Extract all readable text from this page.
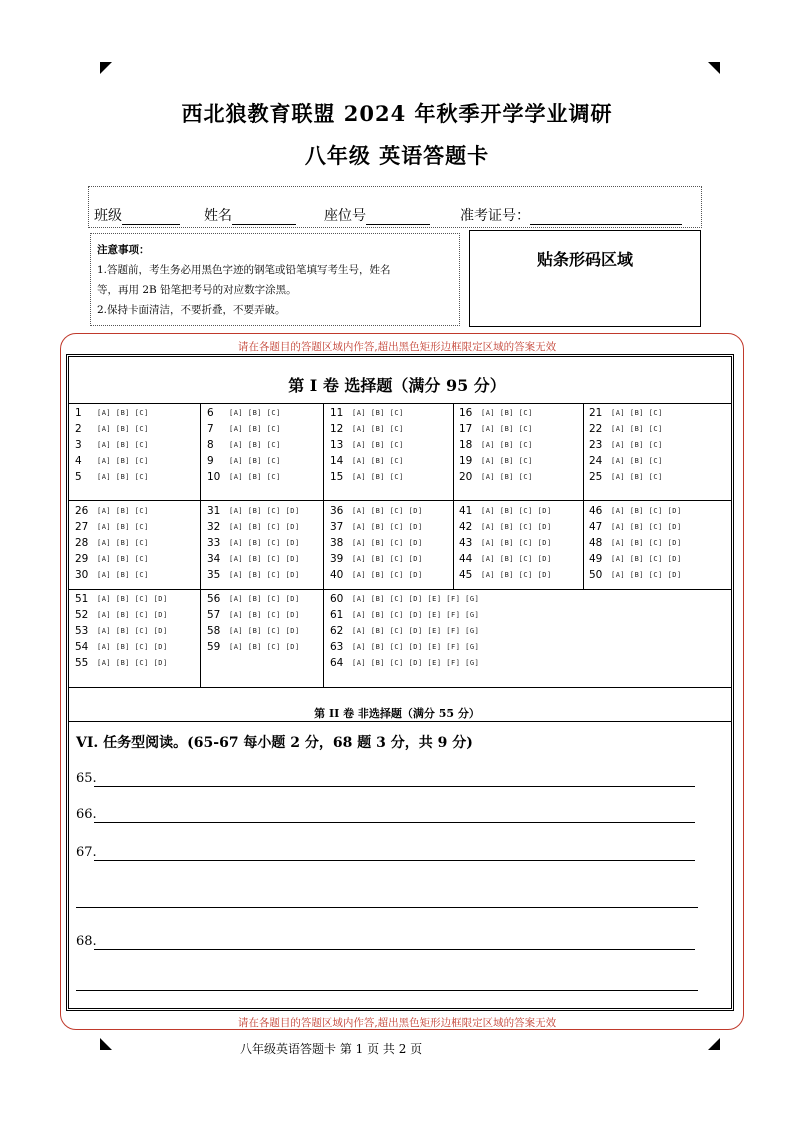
西北狼教育联盟 2024 年秋季开学学业调研
八年级 英语答题卡
班级	姓名	座位号	准考证号：
注意事项：
1.答题前，考生务必用黑色字迹的钢笔或铅笔填写考生号，姓名
等，再用 2B 铅笔把考号的对应数字涂黑。
2.保持卡面清洁，不要折叠，不要弄破。
贴条形码区域
请在各题目的答题区域内作答,超出黑色矩形边框限定区域的答案无效
请在各题目的答题区域内作答,超出黑色矩形边框限定区域的答案无效
第 I 卷 选择题（满分 95 分）
1 [A] [B] [C]
2 [A] [B] [C]
3 [A] [B] [C]
4 [A] [B] [C]
5 [A] [B] [C]
6 [A] [B] [C]
7 [A] [B] [C]
8 [A] [B] [C]
9 [A] [B] [C]
10 [A] [B] [C]
11 [A] [B] [C]
12 [A] [B] [C]
13 [A] [B] [C]
14 [A] [B] [C]
15 [A] [B] [C]
16 [A] [B] [C]
17 [A] [B] [C]
18 [A] [B] [C]
19 [A] [B] [C]
20 [A] [B] [C]
21 [A] [B] [C]
22 [A] [B] [C]
23 [A] [B] [C]
24 [A] [B] [C]
25 [A] [B] [C]
26 [A] [B] [C]
27 [A] [B] [C]
28 [A] [B] [C]
29 [A] [B] [C]
30 [A] [B] [C]
31 [A] [B] [C] [D]
32 [A] [B] [C] [D]
33 [A] [B] [C] [D]
34 [A] [B] [C] [D]
35 [A] [B] [C] [D]
36 [A] [B] [C] [D]
37 [A] [B] [C] [D]
38 [A] [B] [C] [D]
39 [A] [B] [C] [D]
40 [A] [B] [C] [D]
41 [A] [B] [C] [D]
42 [A] [B] [C] [D]
43 [A] [B] [C] [D]
44 [A] [B] [C] [D]
45 [A] [B] [C] [D]
46 [A] [B] [C] [D]
47 [A] [B] [C] [D]
48 [A] [B] [C] [D]
49 [A] [B] [C] [D]
50 [A] [B] [C] [D]
51 [A] [B] [C] [D]
52 [A] [B] [C] [D]
53 [A] [B] [C] [D]
54 [A] [B] [C] [D]
55 [A] [B] [C] [D]
56 [A] [B] [C] [D]
57 [A] [B] [C] [D]
58 [A] [B] [C] [D]
59 [A] [B] [C] [D]
60 [A] [B] [C] [D] [E] [F] [G]
61 [A] [B] [C] [D] [E] [F] [G]
62 [A] [B] [C] [D] [E] [F] [G]
63 [A] [B] [C] [D] [E] [F] [G]
64 [A] [B] [C] [D] [E] [F] [G]
第 II 卷 非选择题（满分 55 分）
VI. 任务型阅读。(65-67 每小题 2 分，68 题 3 分，共 9 分)
65.
66.
67.
68.
八年级英语答题卡 第 1 页 共 2 页
